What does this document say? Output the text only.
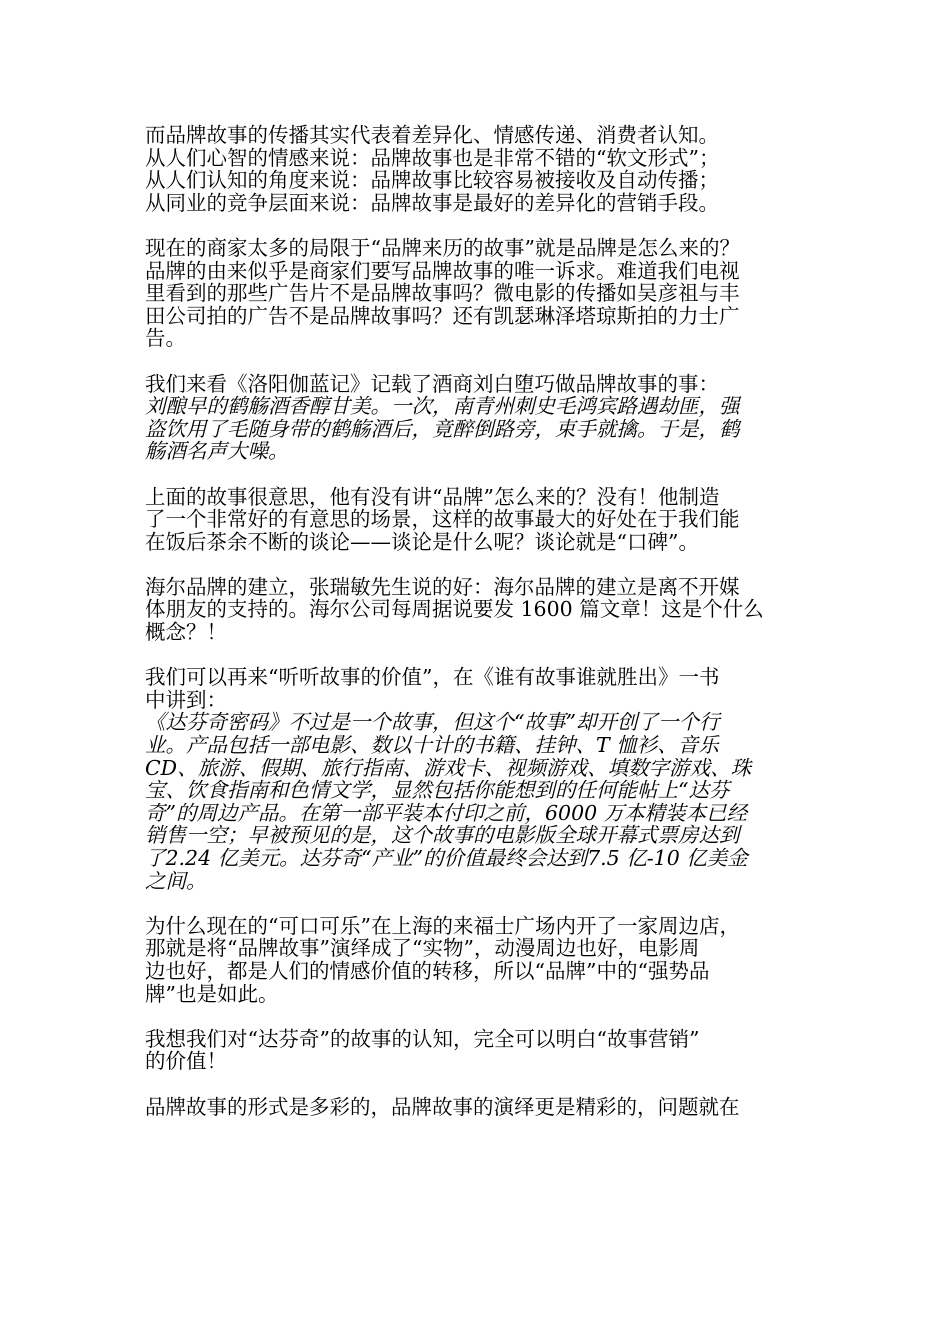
而品牌故事的传播其实代表着差异化、情感传递、消费者认知。
从人们心智的情感来说：品牌故事也是非常不错的“软文形式”；
从人们认知的角度来说：品牌故事比较容易被接收及自动传播；
从同业的竞争层面来说：品牌故事是最好的差异化的营销手段。

现在的商家太多的局限于“品牌来历的故事”就是品牌是怎么来的？
品牌的由来似乎是商家们要写品牌故事的唯一诉求。难道我们电视
里看到的那些广告片不是品牌故事吗？微电影的传播如吴彦祖与丰
田公司拍的广告不是品牌故事吗？还有凯瑟琳泽塔琼斯拍的力士广
告。

我们来看《洛阳伽蓝记》记载了酒商刘白堕巧做品牌故事的事：
刘酿早的鹤觞酒香醇甘美。一次，南青州刺史毛鸿宾路遇劫匪，强
盗饮用了毛随身带的鹤觞酒后，竟醉倒路旁，束手就擒。于是，鹤
觞酒名声大噪。

上面的故事很意思，他有没有讲“品牌”怎么来的？没有！他制造
了一个非常好的有意思的场景，这样的故事最大的好处在于我们能
在饭后茶余不断的谈论——谈论是什么呢？谈论就是“口碑”。

海尔品牌的建立，张瑞敏先生说的好：海尔品牌的建立是离不开媒
体朋友的支持的。海尔公司每周据说要发 1600 篇文章！这是个什么
概念？！

我们可以再来“听听故事的价值”，在《谁有故事谁就胜出》一书
中讲到：
《达芬奇密码》不过是一个故事，但这个“故事”却开创了一个行
业。产品包括一部电影、数以十计的书籍、挂钟、T 恤衫、音乐
CD、旅游、假期、旅行指南、游戏卡、视频游戏、填数字游戏、珠
宝、饮食指南和色情文学，显然包括你能想到的任何能帖上“达芬
奇”的周边产品。在第一部平装本付印之前，6000 万本精装本已经
销售一空；早被预见的是，这个故事的电影版全球开幕式票房达到
了2.24 亿美元。达芬奇“产业”的价值最终会达到7.5 亿-10 亿美金
之间。

为什么现在的“可口可乐”在上海的来福士广场内开了一家周边店，
那就是将“品牌故事”演绎成了“实物”，动漫周边也好，电影周
边也好，都是人们的情感价值的转移，所以“品牌”中的“强势品
牌”也是如此。

我想我们对“达芬奇”的故事的认知，完全可以明白“故事营销”
的价值！

品牌故事的形式是多彩的，品牌故事的演绎更是精彩的，问题就在
